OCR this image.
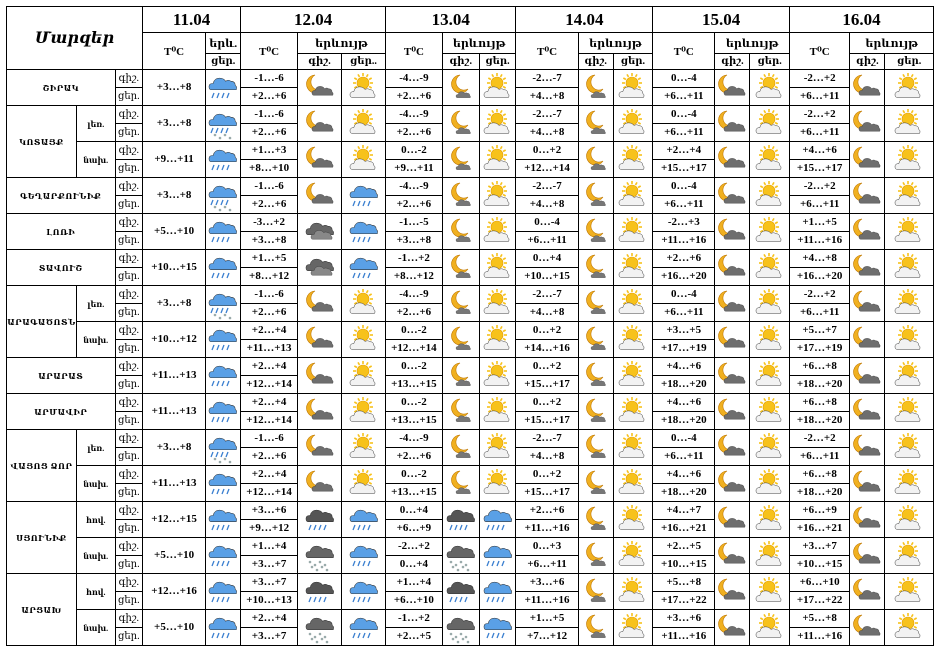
Մարզեր			11.04		12.04			13.04			14.04			15.04			16.04		
			T⁰C	երև.	T⁰C	երևույթ		T⁰C	երևույթ		T⁰C	երևույթ		T⁰C	երևույթ		T⁰C	երևույթ	
				ցեր.		գիշ.	ցեր..		գիշ.	ցեր.		գիշ.	ցեր.		գիշ.	ցեր.		գիշ.	ցեր.
ՇԻՐԱԿ		գիշ.	+3…+8		-1…-6			-4…-9			-2…-7			0…-4			-2…+2	

		ցեր.			+2…+6			+2…+6			+4…+8			+6…+11			+6…+11		
ԿՈՏԱՅՔ	լեռ.	գիշ.	+3…+8		-1…-6			-4…-9			-2…-7			0…-4			-2…+2	

		ցեր.			+2…+6			+2…+6			+4…+8			+6…+11			+6…+11		
	նախ.	գիշ.	+9…+11		+1…+3			0…-2			0…+2			+2…+4			+4…+6	

		ցեր.			+8…+10			+9…+11			+12…+14			+15…+17			+15…+17		
ԳԵՂԱՐՔՈՒՆԻՔ		գիշ.	+3…+8		-1…-6			-4…-9			-2…-7			0…-4			-2…+2	

		ցեր.			+2…+6			+2…+6			+4…+8			+6…+11			+6…+11		
ԼՈՌԻ		գիշ.	+5…+10		-3…+2			-1…-5			0…-4			-2…+3			+1…+5	

		ցեր.			+3…+8			+3…+8			+6…+11			+11…+16			+11…+16		
ՏԱՎՈՒՇ		գիշ.	+10…+15		+1…+5			-1…+2			0…+4			+2…+6			+4…+8	

		ցեր.			+8…+12			+8…+12			+10…+15			+16…+20			+16…+20		
ԱՐԱԳԱԾՈՏՆ	լեռ.	գիշ.	+3…+8		-1…-6			-4…-9			-2…-7			0…-4			-2…+2	

		ցեր.			+2…+6			+2…+6			+4…+8			+6…+11			+6…+11		
	նախ.	գիշ.	+10…+12		+2…+4			0…-2			0…+2			+3…+5			+5…+7	

		ցեր.			+11…+13			+12…+14			+14…+16			+17…+19			+17…+19		
ԱՐԱՐԱՏ		գիշ.	+11…+13		+2…+4			0…-2			0…+2			+4…+6			+6…+8	

		ցեր.			+12…+14			+13…+15			+15…+17			+18…+20			+18…+20		
ԱՐՄԱՎԻՐ		գիշ.	+11…+13		+2…+4			0…-2			0…+2			+4…+6			+6…+8	

		ցեր.			+12…+14			+13…+15			+15…+17			+18…+20			+18…+20		
ՎԱՅՈՑ ՁՈՐ	լեռ.	գիշ.	+3…+8		-1…-6			-4…-9			-2…-7			0…-4			-2…+2	

		ցեր.			+2…+6			+2…+6			+4…+8			+6…+11			+6…+11		
	նախ.	գիշ.	+11…+13		+2…+4			0…-2			0…+2			+4…+6			+6…+8	

		ցեր.			+12…+14			+13…+15			+15…+17			+18…+20			+18…+20		
ՍՅՈՒՆԻՔ	հով.	գիշ.	+12…+15		+3…+6			0…+4			+2…+6			+4…+7			+6…+9	

		ցեր.			+9…+12			+6…+9			+11…+16			+16…+21			+16…+21		
	նախ.	գիշ.	+5…+10		+1…+4			-2…+2			0…+3			+2…+5			+3…+7	

		ցեր.			+3…+7			0…+4			+6…+11			+10…+15			+10…+15		
ԱՐՑԱԽ	հով.	գիշ.	+12…+16		+3…+7			+1…+4			+3…+6			+5…+8			+6…+10	

		ցեր.			+10…+13			+6…+10			+11…+16			+17…+22			+17…+22		
	նախ.	գիշ.	+5…+10		+2…+4			-1…+2			+1…+5			+3…+6			+5…+8	

		ցեր.			+3…+7			+2…+5			+7…+12			+11…+16			+11…+16		
